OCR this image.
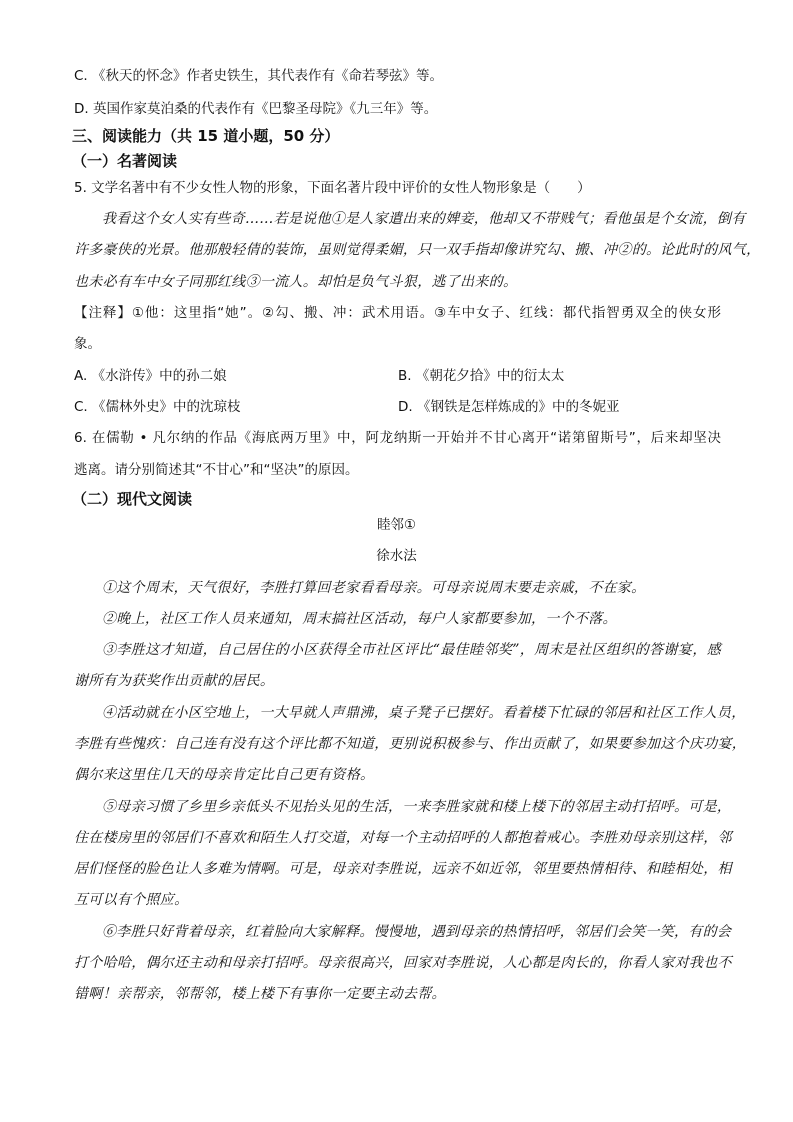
C. 《秋天的怀念》作者史铁生，其代表作有《命若琴弦》等。
D. 英国作家莫泊桑的代表作有《巴黎圣母院》《九三年》等。
三、阅读能力（共 15 道小题，50 分）
（一）名著阅读
5. 文学名著中有不少女性人物的形象，下面名著片段中评价的女性人物形象是（　　）
我看这个女人实有些奇……若是说他①是人家遣出来的婢妾，他却又不带贱气；看他虽是个女流，倒有
许多豪侠的光景。他那般轻倩的装饰，虽则觉得柔媚，只一双手指却像讲究勾、搬、冲②的。论此时的风气，
也未必有车中女子同那红线③一流人。却怕是负气斗狠，逃了出来的。
【注释】①他：这里指“她”。②勾、搬、冲：武术用语。③车中女子、红线：都代指智勇双全的侠女形
象。
A. 《水浒传》中的孙二娘	B. 《朝花夕拾》中的衍太太
C. 《儒林外史》中的沈琼枝	D. 《钢铁是怎样炼成的》中的冬妮亚
6. 在儒勒 • 凡尔纳的作品《海底两万里》中，阿龙纳斯一开始并不甘心离开“诺第留斯号”，后来却坚决
逃离。请分别简述其“不甘心”和“坚决”的原因。
（二）现代文阅读
睦邻①
徐水法
①这个周末，天气很好，李胜打算回老家看看母亲。可母亲说周末要走亲戚，不在家。
②晚上，社区工作人员来通知，周末搞社区活动，每户人家都要参加，一个不落。
③李胜这才知道，自己居住的小区获得全市社区评比“最佳睦邻奖”，周末是社区组织的答谢宴，感
谢所有为获奖作出贡献的居民。
④活动就在小区空地上，一大早就人声鼎沸，桌子凳子已摆好。看着楼下忙碌的邻居和社区工作人员，
李胜有些愧疚：自己连有没有这个评比都不知道，更别说积极参与、作出贡献了，如果要参加这个庆功宴，
偶尔来这里住几天的母亲肯定比自己更有资格。
⑤母亲习惯了乡里乡亲低头不见抬头见的生活，一来李胜家就和楼上楼下的邻居主动打招呼。可是，
住在楼房里的邻居们不喜欢和陌生人打交道，对每一个主动招呼的人都抱着戒心。李胜劝母亲别这样，邻
居们怪怪的脸色让人多难为情啊。可是，母亲对李胜说，远亲不如近邻，邻里要热情相待、和睦相处，相
互可以有个照应。
⑥李胜只好背着母亲，红着脸向大家解释。慢慢地，遇到母亲的热情招呼，邻居们会笑一笑，有的会
打个哈哈，偶尔还主动和母亲打招呼。母亲很高兴，回家对李胜说，人心都是肉长的，你看人家对我也不
错啊！亲帮亲，邻帮邻，楼上楼下有事你一定要主动去帮。
